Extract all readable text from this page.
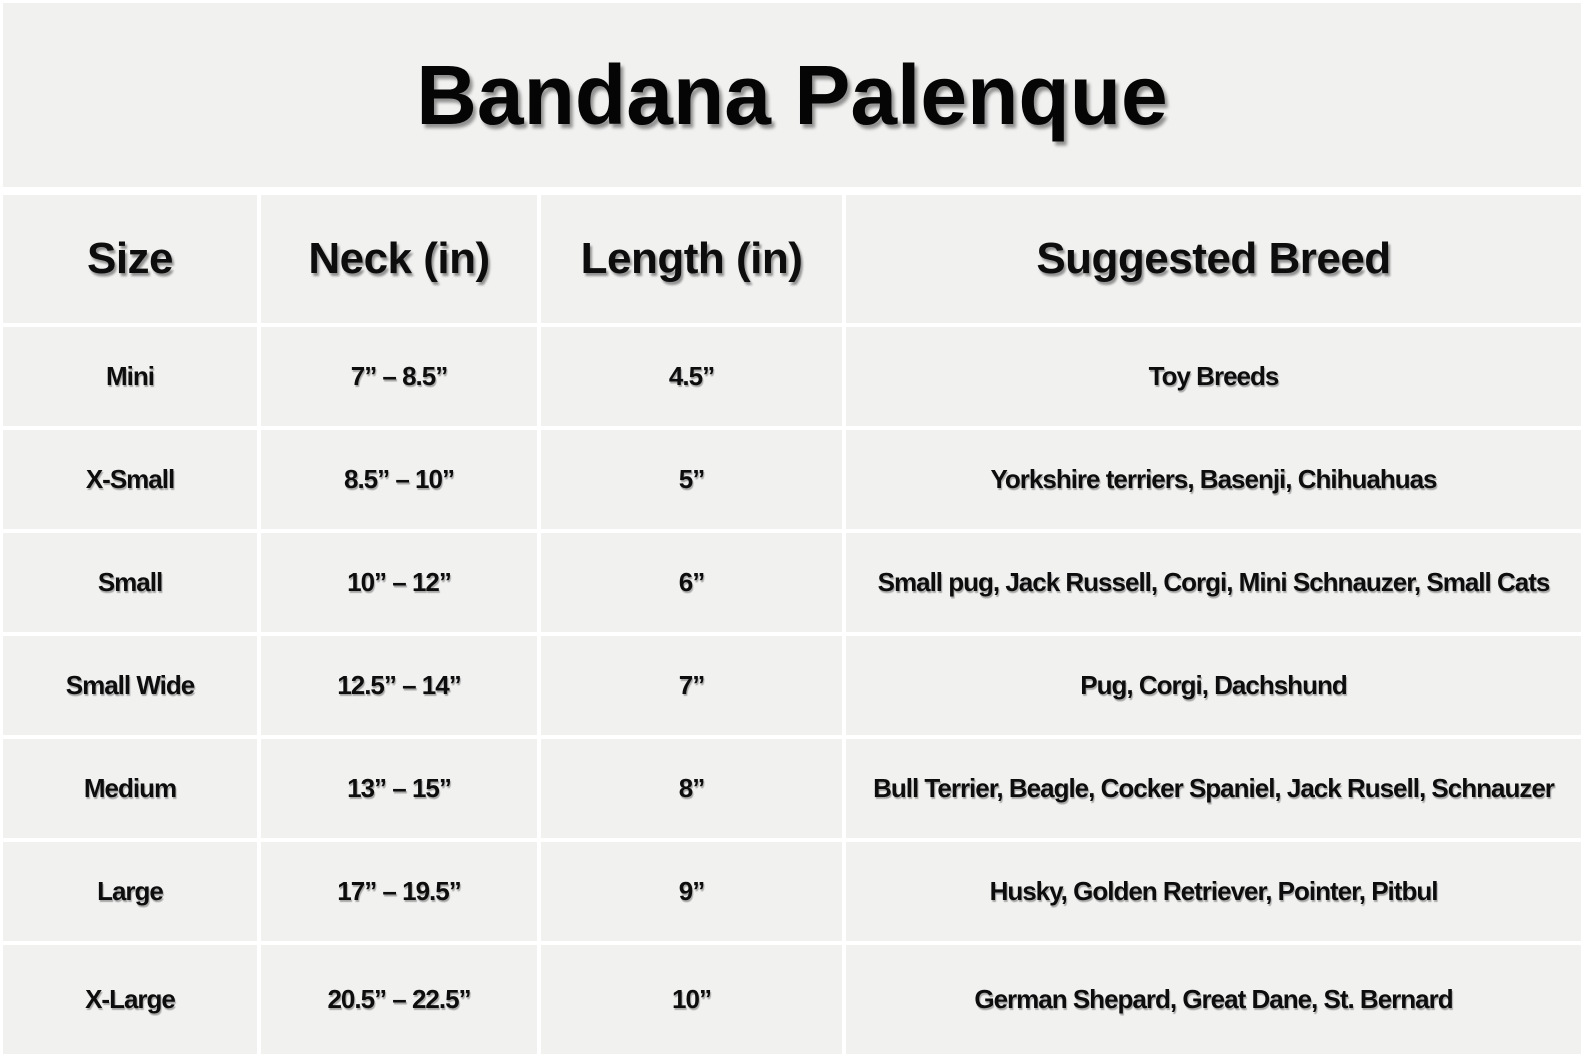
Bandana Palenque
Size	Neck (in)	Length (in)	Suggested Breed
Mini	7” – 8.5”	4.5”	Toy Breeds
X-Small	8.5” – 10”	5”	Yorkshire terriers, Basenji, Chihuahuas
Small	10” – 12”	6”	Small pug, Jack Russell, Corgi, Mini Schnauzer, Small Cats
Small Wide	12.5” – 14”	7”	Pug, Corgi, Dachshund
Medium	13” – 15”	8”	Bull Terrier, Beagle, Cocker Spaniel, Jack Rusell, Schnauzer
Large	17” – 19.5”	9”	Husky, Golden Retriever, Pointer, Pitbul
X-Large	20.5” – 22.5”	10”	German Shepard, Great Dane, St. Bernard
